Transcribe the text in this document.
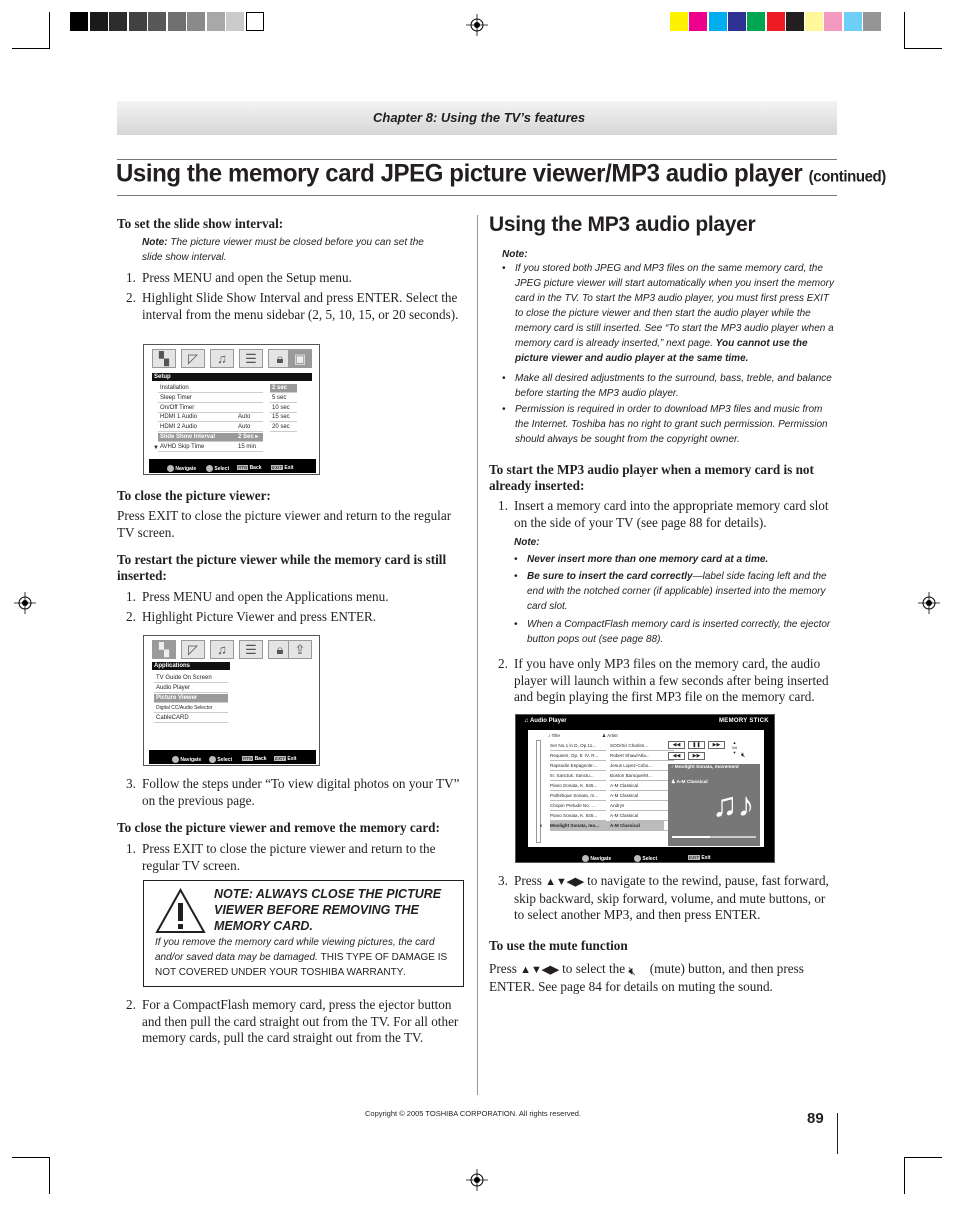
Chapter 8: Using the TV’s features
Using the memory card JPEG picture viewer/MP3 audio player (continued)
To set the slide show interval:
Note: The picture viewer must be closed before you can set the slide show interval.
1. Press MENU and open the Setup menu.
2. Highlight Slide Show Interval and press ENTER. Select the interval from the menu sidebar (2, 5, 10, 15, or 20 seconds).
▚	◸	♫	☰	🔒︎ ▣
Setup
Installation
Sleep Timer
On/Off Timer
HDMI 1 Audio	Auto
HDMI 2 Audio	Auto
Slide Show Interval	2 Sec ▸
AVHD Skip Time	15 min
2 sec
5 sec
10 sec
15 sec
20 sec
▼
Navigate	Select RTN Back EXIT Exit
To close the picture viewer:
Press EXIT to close the picture viewer and return to the regular TV screen.
To restart the picture viewer while the memory card is still inserted:
1. Press MENU and open the Applications menu.
2. Highlight Picture Viewer and press ENTER.
▚	◸	♫	☰	🔒︎ ⇪
Applications
TV Guide On Screen
Audio Player
Picture Viewer
Digital CC/Audio Selector
CableCARD
Navigate	Select RTN Back EXIT Exit
3. Follow the steps under “To view digital photos on your TV” on the previous page.
To close the picture viewer and remove the memory card:
1. Press EXIT to close the picture viewer and return to the regular TV screen.
NOTE: ALWAYS CLOSE THE PICTURE VIEWER BEFORE REMOVING THE MEMORY CARD.
If you remove the memory card while viewing pictures, the card and/or saved data may be damaged. THIS TYPE OF DAMAGE IS NOT COVERED UNDER YOUR TOSHIBA WARRANTY.
2. For a CompactFlash memory card, press the ejector button and then pull the card straight out from the TV. For all other memory cards, pull the card straight out from the TV.
Using the MP3 audio player
Note:
• If you stored both JPEG and MP3 files on the same memory card, the JPEG picture viewer will start automatically when you insert the memory card in the TV. To start the MP3 audio player, you must first press EXIT to close the picture viewer and then start the audio player while the memory card is still inserted. See “To start the MP3 audio player when a memory card is already inserted,” next page. You cannot use the picture viewer and audio player at the same time.
• Make all desired adjustments to the surround, bass, treble, and balance before starting the MP3 audio player.
• Permission is required in order to download MP3 files and music from the Internet. Toshiba has no right to grant such permission. Permission should always be sought from the copyright owner.
To start the MP3 audio player when a memory card is not already inserted:
1. Insert a memory card into the appropriate memory card slot on the side of your TV (see page 88 for details).
Note:
• Never insert more than one memory card at a time.
• Be sure to insert the card correctly—label side facing left and the end with the notched corner (if applicable) inserted into the memory card slot.
• When a CompactFlash memory card is inserted correctly, the ejector button pops out (see page 88).
2. If you have only MP3 files on the memory card, the audio player will launch within a few seconds after being inserted and begin playing the first MP3 file on the memory card.
♫ Audio Player	MEMORY STICK
♪ Title	♟ Artist
Ser No.1 in D, Op.11...	SOO/Sir Charles...
Requiem, Op. 5: IV. R...	Robert Shaw/Atla...
Rapsodie Espagnole:...	Jesus Lopez-Cobo...
III. Sanctus: Sanctu...	Boston Baroque/M...
Piano Sonata, K. 545...	A-M Classical
Pathétique Sonata, m...	A-M Classical
Chopin Prelude No. ...	Andrys
Piano Sonata, K. 545...	A-M Classical
🔈︎	Moolight Sonata, mo...	A-M Classical
◀◀	❚❚	▶▶
◀◀	▶▶
▲
Vol
▼ 🔇︎
♪ Moolight Sonata, movement
♟ A-M Classical
♫♪
Navigate	Select	EXIT Exit
3. Press ▲▼◀▶ to navigate to the rewind, pause, fast forward, skip backward, skip forward, volume, and mute buttons, or to select another MP3, and then press ENTER.
To use the mute function
Press ▲▼◀▶ to select the 🔇︎ (mute) button, and then press ENTER. See page 84 for details on muting the sound.
Copyright © 2005 TOSHIBA CORPORATION. All rights reserved.	89
